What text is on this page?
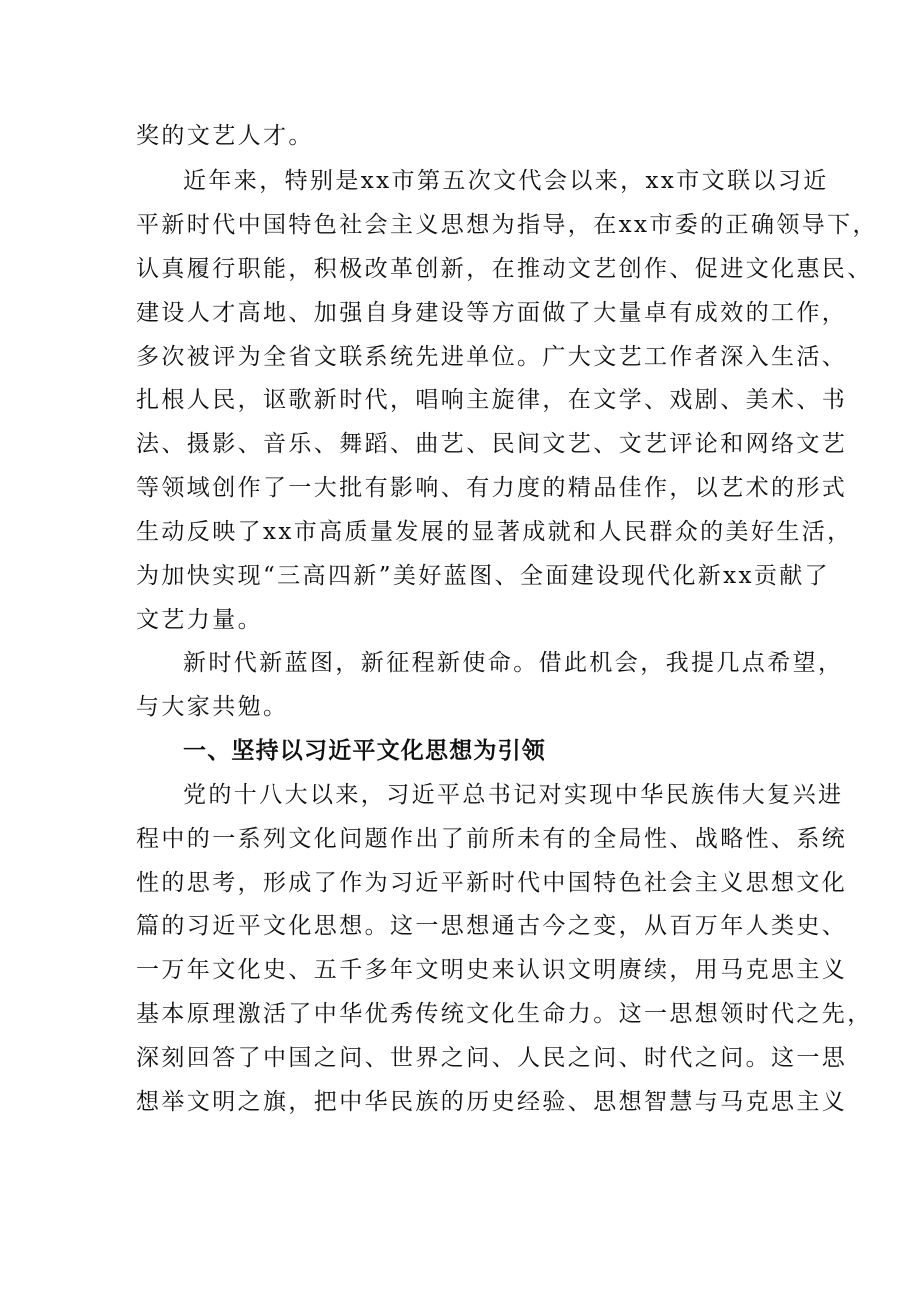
奖的文艺人才。
近年来，特别是xx市第五次文代会以来，xx市文联以习近
平新时代中国特色社会主义思想为指导，在xx市委的正确领导下，
认真履行职能，积极改革创新，在推动文艺创作、促进文化惠民、
建设人才高地、加强自身建设等方面做了大量卓有成效的工作，
多次被评为全省文联系统先进单位。广大文艺工作者深入生活、
扎根人民，讴歌新时代，唱响主旋律，在文学、戏剧、美术、书
法、摄影、音乐、舞蹈、曲艺、民间文艺、文艺评论和网络文艺
等领域创作了一大批有影响、有力度的精品佳作，以艺术的形式
生动反映了xx市高质量发展的显著成就和人民群众的美好生活，
为加快实现“三高四新”美好蓝图、全面建设现代化新xx贡献了
文艺力量。
新时代新蓝图，新征程新使命。借此机会，我提几点希望，
与大家共勉。
一、坚持以习近平文化思想为引领
党的十八大以来，习近平总书记对实现中华民族伟大复兴进
程中的一系列文化问题作出了前所未有的全局性、战略性、系统
性的思考，形成了作为习近平新时代中国特色社会主义思想文化
篇的习近平文化思想。这一思想通古今之变，从百万年人类史、
一万年文化史、五千多年文明史来认识文明赓续，用马克思主义
基本原理激活了中华优秀传统文化生命力。这一思想领时代之先，
深刻回答了中国之问、世界之问、人民之问、时代之问。这一思
想举文明之旗，把中华民族的历史经验、思想智慧与马克思主义
